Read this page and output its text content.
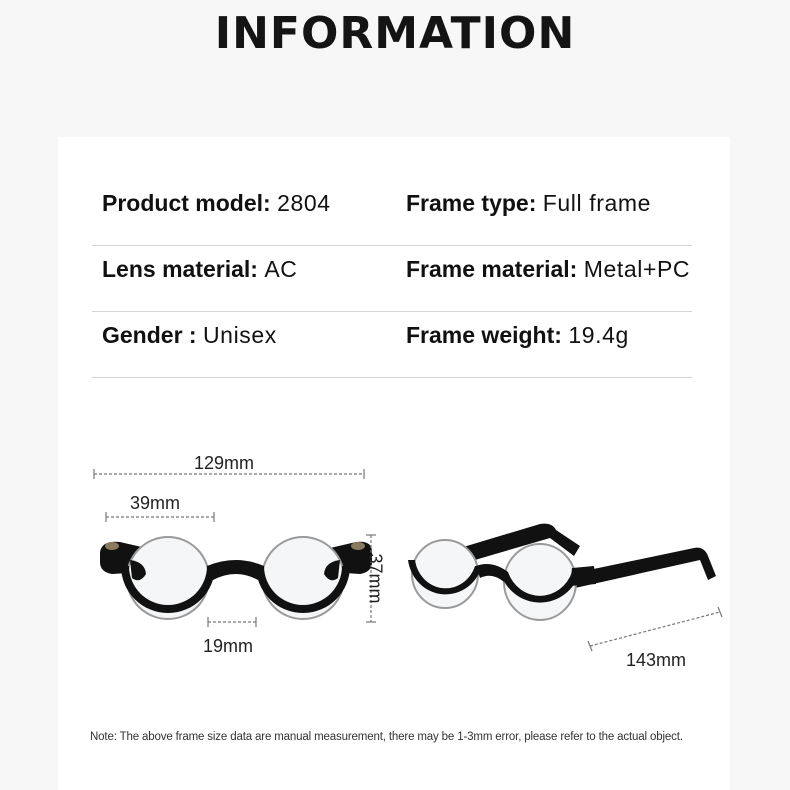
INFORMATION
Product model: 2804	Frame type: Full frame
Lens material: AC	Frame material: Metal+PC
Gender : Unisex	Frame weight: 19.4g
129mm
39mm
19mm
37mm
143mm
Note: The above frame size data are manual measurement, there may be 1-3mm error, please refer to the actual object.
